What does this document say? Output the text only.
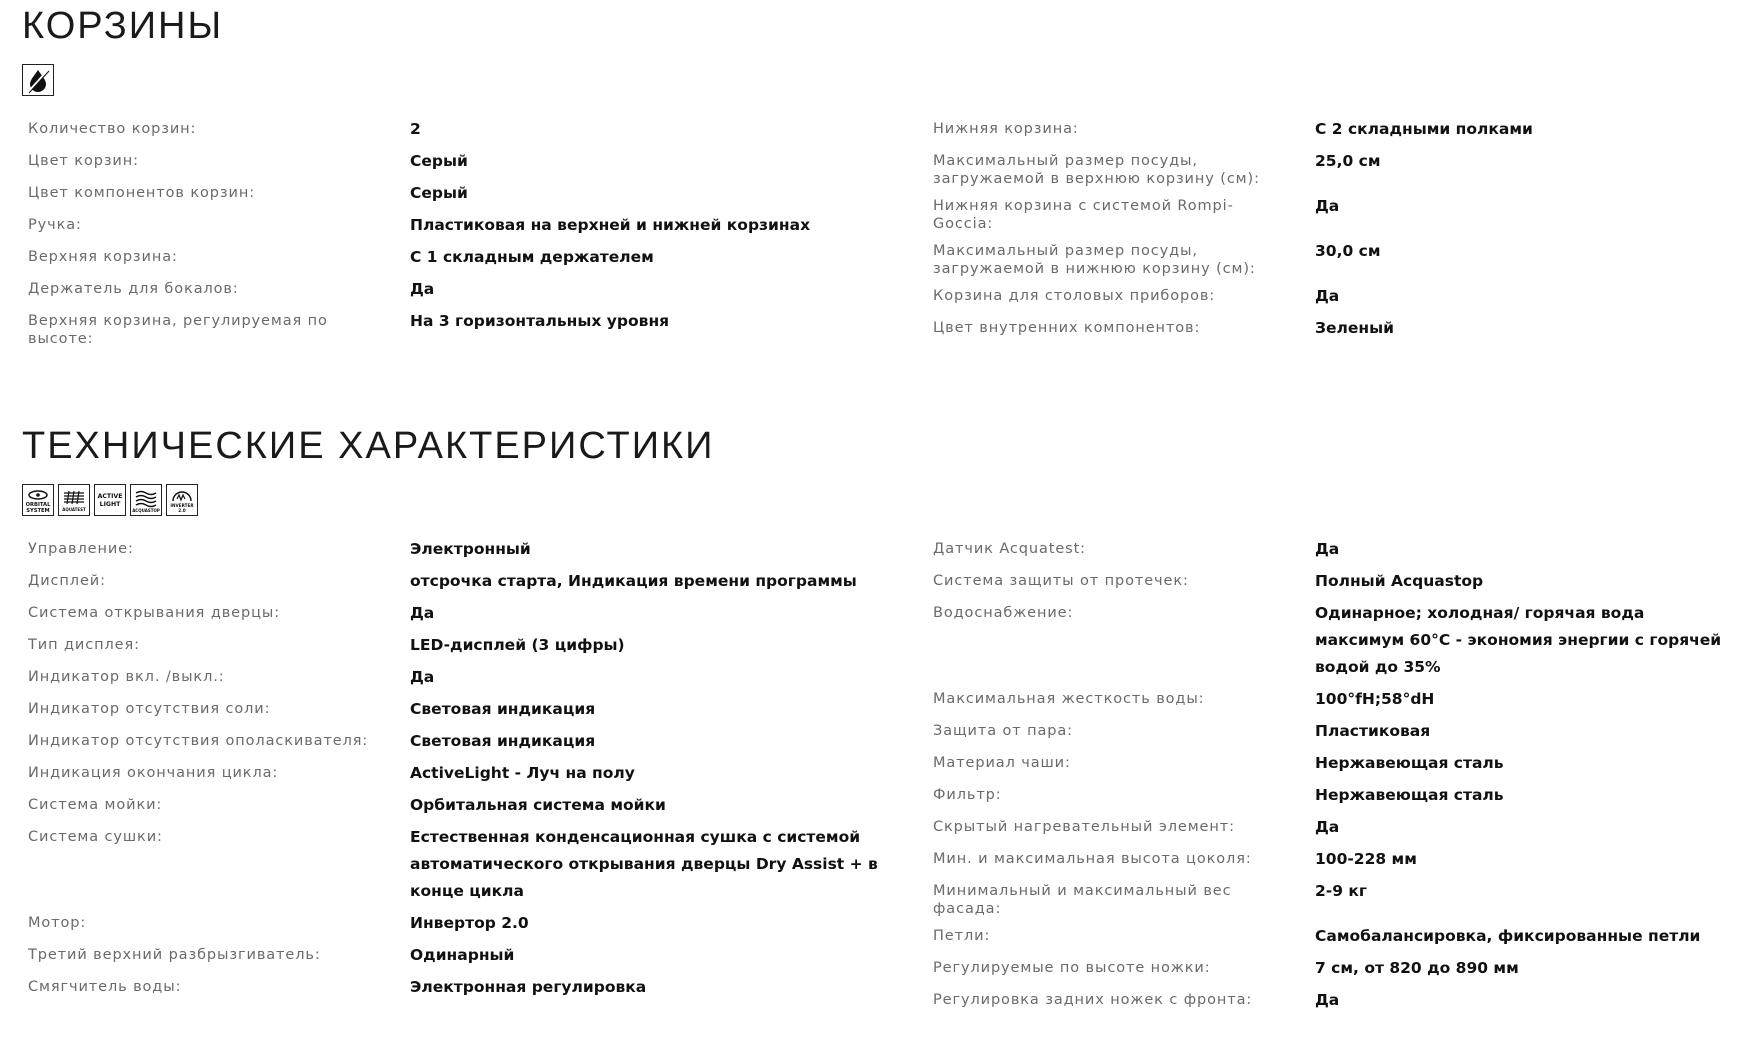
КОРЗИНЫ
Количество корзин:	2
Цвет корзин:	Серый
Цвет компонентов корзин:	Серый
Ручка:	Пластиковая на верхней и нижней корзинах
Верхняя корзина:	С 1 складным держателем
Держатель для бокалов:	Да
Верхняя корзина, регулируемая по высоте:
На 3 горизонтальных уровня
Нижняя корзина:	С 2 складными полками
Максимальный размер посуды, загружаемой в верхнюю корзину (см):
25,0 см
Нижняя корзина с системой Rompi-Goccia:
Да
Максимальный размер посуды, загружаемой в нижнюю корзину (см):
30,0 см
Корзина для столовых приборов:	Да
Цвет внутренних компонентов:	Зеленый
ТЕХНИЧЕСКИЕ ХАРАКТЕРИСТИКИ
ORBITAL
SYSTEM	AQUATEST
ACTIVE
LIGHT
ACQUASTOP
INVERTER
2.0
Управление:	Электронный
Дисплей:	отсрочка старта, Индикация времени программы
Система открывания дверцы:	Да
Тип дисплея:	LED-дисплей (3 цифры)
Индикатор вкл. /выкл.:	Да
Индикатор отсутствия соли:	Световая индикация
Индикатор отсутствия ополаскивателя:	Световая индикация
Индикация окончания цикла:	ActiveLight - Луч на полу
Система мойки:	Орбитальная система мойки
Система сушки:	Естественная конденсационная сушка с системой автоматического открывания дверцы Dry Assist + в конце цикла
Мотор:	Инвертор 2.0
Третий верхний разбрызгиватель:	Одинарный
Смягчитель воды:	Электронная регулировка
Датчик Acquatest:	Да
Система защиты от протечек:	Полный Acquastop
Водоснабжение:	Одинарное; холодная/ горячая вода максимум 60°C - экономия энергии с горячей водой до 35%
Максимальная жесткость воды:	100°fH;58°dH
Защита от пара:	Пластиковая
Материал чаши:	Нержавеющая сталь
Фильтр:	Нержавеющая сталь
Скрытый нагревательный элемент:	Да
Мин. и максимальная высота цоколя:	100-228 мм
Минимальный и максимальный вес фасада:
2-9 кг
Петли:	Самобалансировка, фиксированные петли
Регулируемые по высоте ножки:	7 см, от 820 до 890 мм
Регулировка задних ножек с фронта:	Да
